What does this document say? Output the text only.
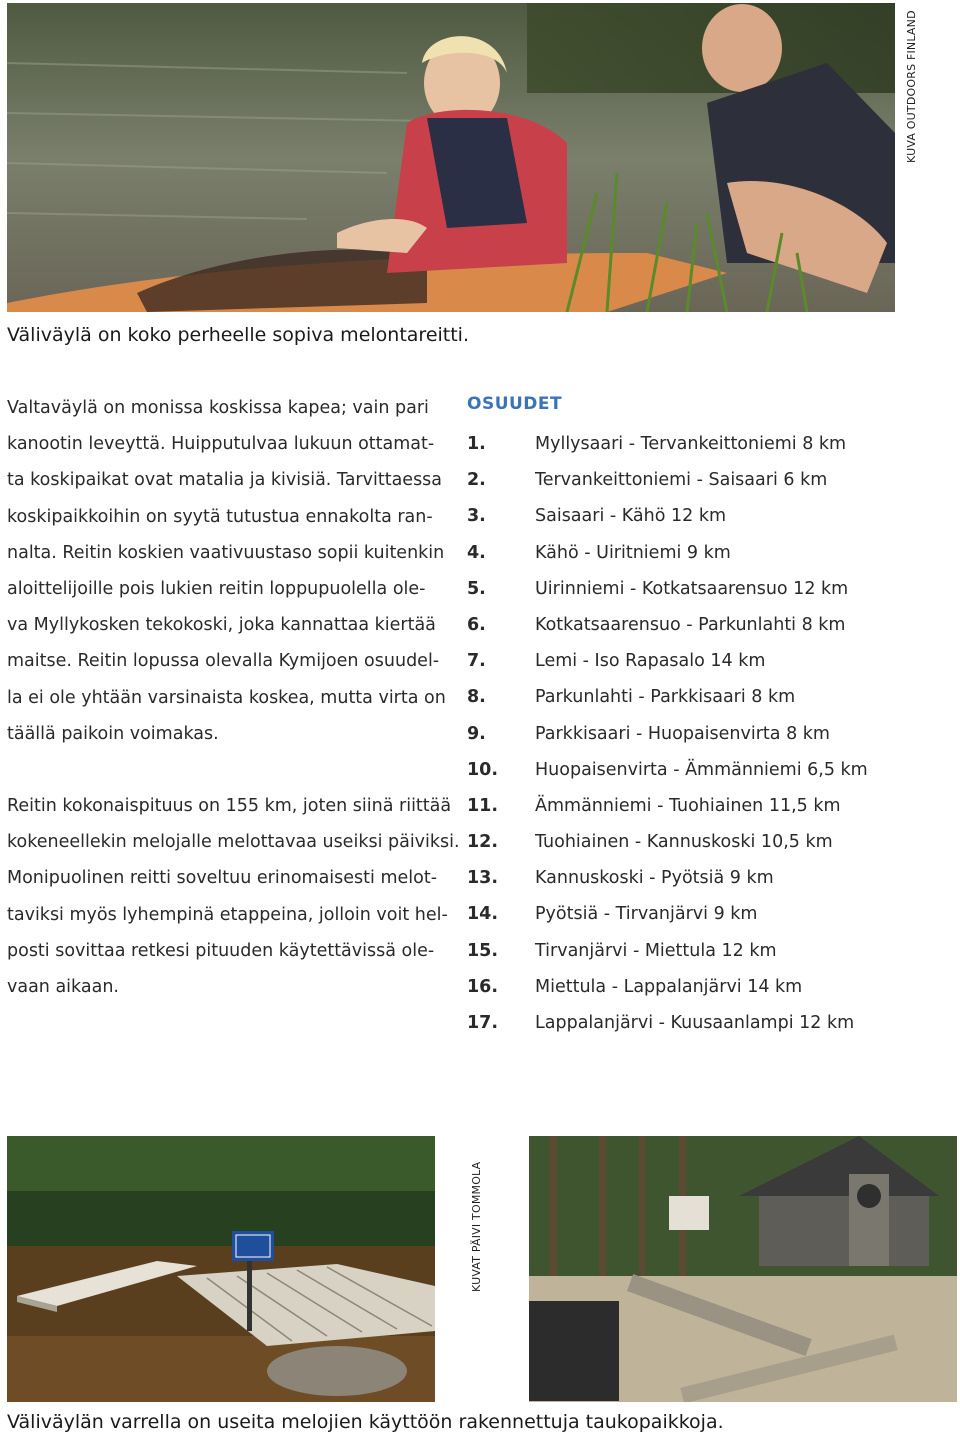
KUVA OUTDOORS FINLAND
Väliväylä on koko perheelle sopiva melontareitti.
Valtaväylä on monissa koskissa kapea; vain pari
kanootin leveyttä. Huipputulvaa lukuun ottamat-
ta koskipaikat ovat matalia ja kivisiä. Tarvittaessa
koskipaikkoihin on syytä tutustua ennakolta ran-
nalta. Reitin koskien vaativuustaso sopii kuitenkin
aloittelijoille pois lukien reitin loppupuolella ole-
va Myllykosken tekokoski, joka kannattaa kiertää
maitse. Reitin lopussa olevalla Kymijoen osuudel-
la ei ole yhtään varsinaista koskea, mutta virta on
täällä paikoin voimakas.
Reitin kokonaispituus on 155 km, joten siinä riittää
kokeneellekin melojalle melottavaa useiksi päiviksi.
Monipuolinen reitti soveltuu erinomaisesti melot-
taviksi myös lyhempinä etappeina, jolloin voit hel-
posti sovittaa retkesi pituuden käytettävissä ole-
vaan aikaan.
OSUUDET
1.	Myllysaari - Tervankeittoniemi 8 km
2.	Tervankeittoniemi - Saisaari 6 km
3.	Saisaari - Kähö 12 km
4.	Kähö - Uiritniemi 9 km
5.	Uirinniemi - Kotkatsaarensuo 12 km
6.	Kotkatsaarensuo - Parkunlahti 8 km
7.	Lemi - Iso Rapasalo 14 km
8.	Parkunlahti - Parkkisaari 8 km
9.	Parkkisaari - Huopaisenvirta 8 km
10. Huopaisenvirta - Ämmänniemi 6,5 km
11. Ämmänniemi - Tuohiainen 11,5 km
12. Tuohiainen - Kannuskoski 10,5 km
13. Kannuskoski - Pyötsiä 9 km
14. Pyötsiä - Tirvanjärvi 9 km
15. Tirvanjärvi - Miettula 12 km
16. Miettula - Lappalanjärvi 14 km
17. Lappalanjärvi - Kuusaanlampi 12 km
KUVAT PÄIVI TOMMOLA
Väliväylän varrella on useita melojien käyttöön rakennettuja taukopaikkoja.
